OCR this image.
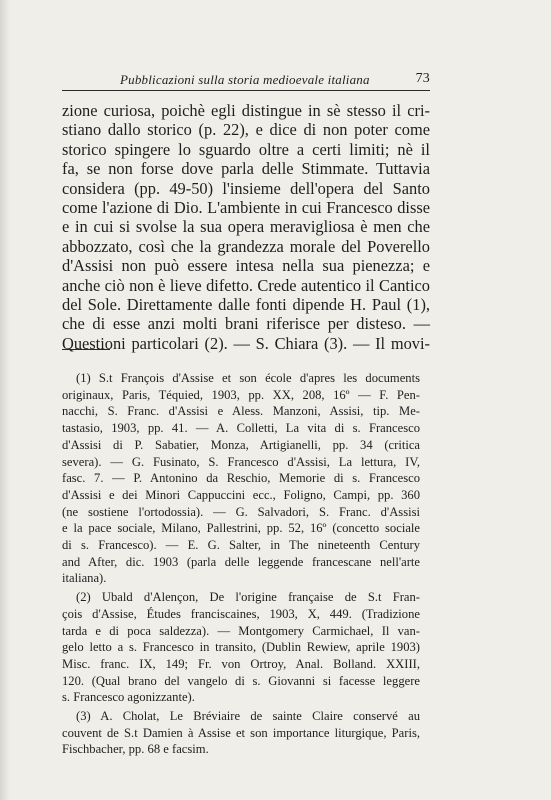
Pubblicazioni sulla storia medioevale italiana	73
zione curiosa, poichè egli distingue in sè stesso il cri-
stiano dallo storico (p. 22), e dice di non poter come
storico spingere lo sguardo oltre a certi limiti; nè il
fa, se non forse dove parla delle Stimmate. Tuttavia
considera (pp. 49-50) l'insieme dell'opera del Santo
come l'azione di Dio. L'ambiente in cui Francesco disse
e in cui si svolse la sua opera meravigliosa è men che
abbozzato, così che la grandezza morale del Poverello
d'Assisi non può essere intesa nella sua pienezza; e
anche ciò non è lieve difetto. Crede autentico il Cantico
del Sole. Direttamente dalle fonti dipende H. Paul (1),
che di esse anzi molti brani riferisce per disteso. —
Questioni particolari (2). — S. Chiara (3). — Il movi-
(1) S.t François d'Assise et son école d'apres les documents
originaux, Paris, Téquied, 1903, pp. XX, 208, 16º — F. Pen-
nacchi, S. Franc. d'Assisi e Aless. Manzoni, Assisi, tip. Me-
tastasio, 1903, pp. 41. — A. Colletti, La vita di s. Francesco
d'Assisi di P. Sabatier, Monza, Artigianelli, pp. 34 (critica
severa). — G. Fusinato, S. Francesco d'Assisi, La lettura, IV,
fasc. 7. — P. Antonino da Reschio, Memorie di s. Francesco
d'Assisi e dei Minori Cappuccini ecc., Foligno, Campi, pp. 360
(ne sostiene l'ortodossia). — G. Salvadori, S. Franc. d'Assisi
e la pace sociale, Milano, Pallestrini, pp. 52, 16º (concetto sociale
di s. Francesco). — E. G. Salter, in The nineteenth Century
and After, dic. 1903 (parla delle leggende francescane nell'arte
italiana).
(2) Ubald d'Alençon, De l'origine française de S.t Fran-
çois d'Assise, Études franciscaines, 1903, X, 449. (Tradizione
tarda e di poca saldezza). — Montgomery Carmichael, Il van-
gelo letto a s. Francesco in transito, (Dublin Rewiew, aprile 1903)
Misc. franc. IX, 149; Fr. von Ortroy, Anal. Bolland. XXIII,
120. (Qual brano del vangelo di s. Giovanni si facesse leggere
s. Francesco agonizzante).
(3) A. Cholat, Le Bréviaire de sainte Claire conservé au
couvent de S.t Damien à Assise et son importance liturgique, Paris,
Fischbacher, pp. 68 e facsim.
